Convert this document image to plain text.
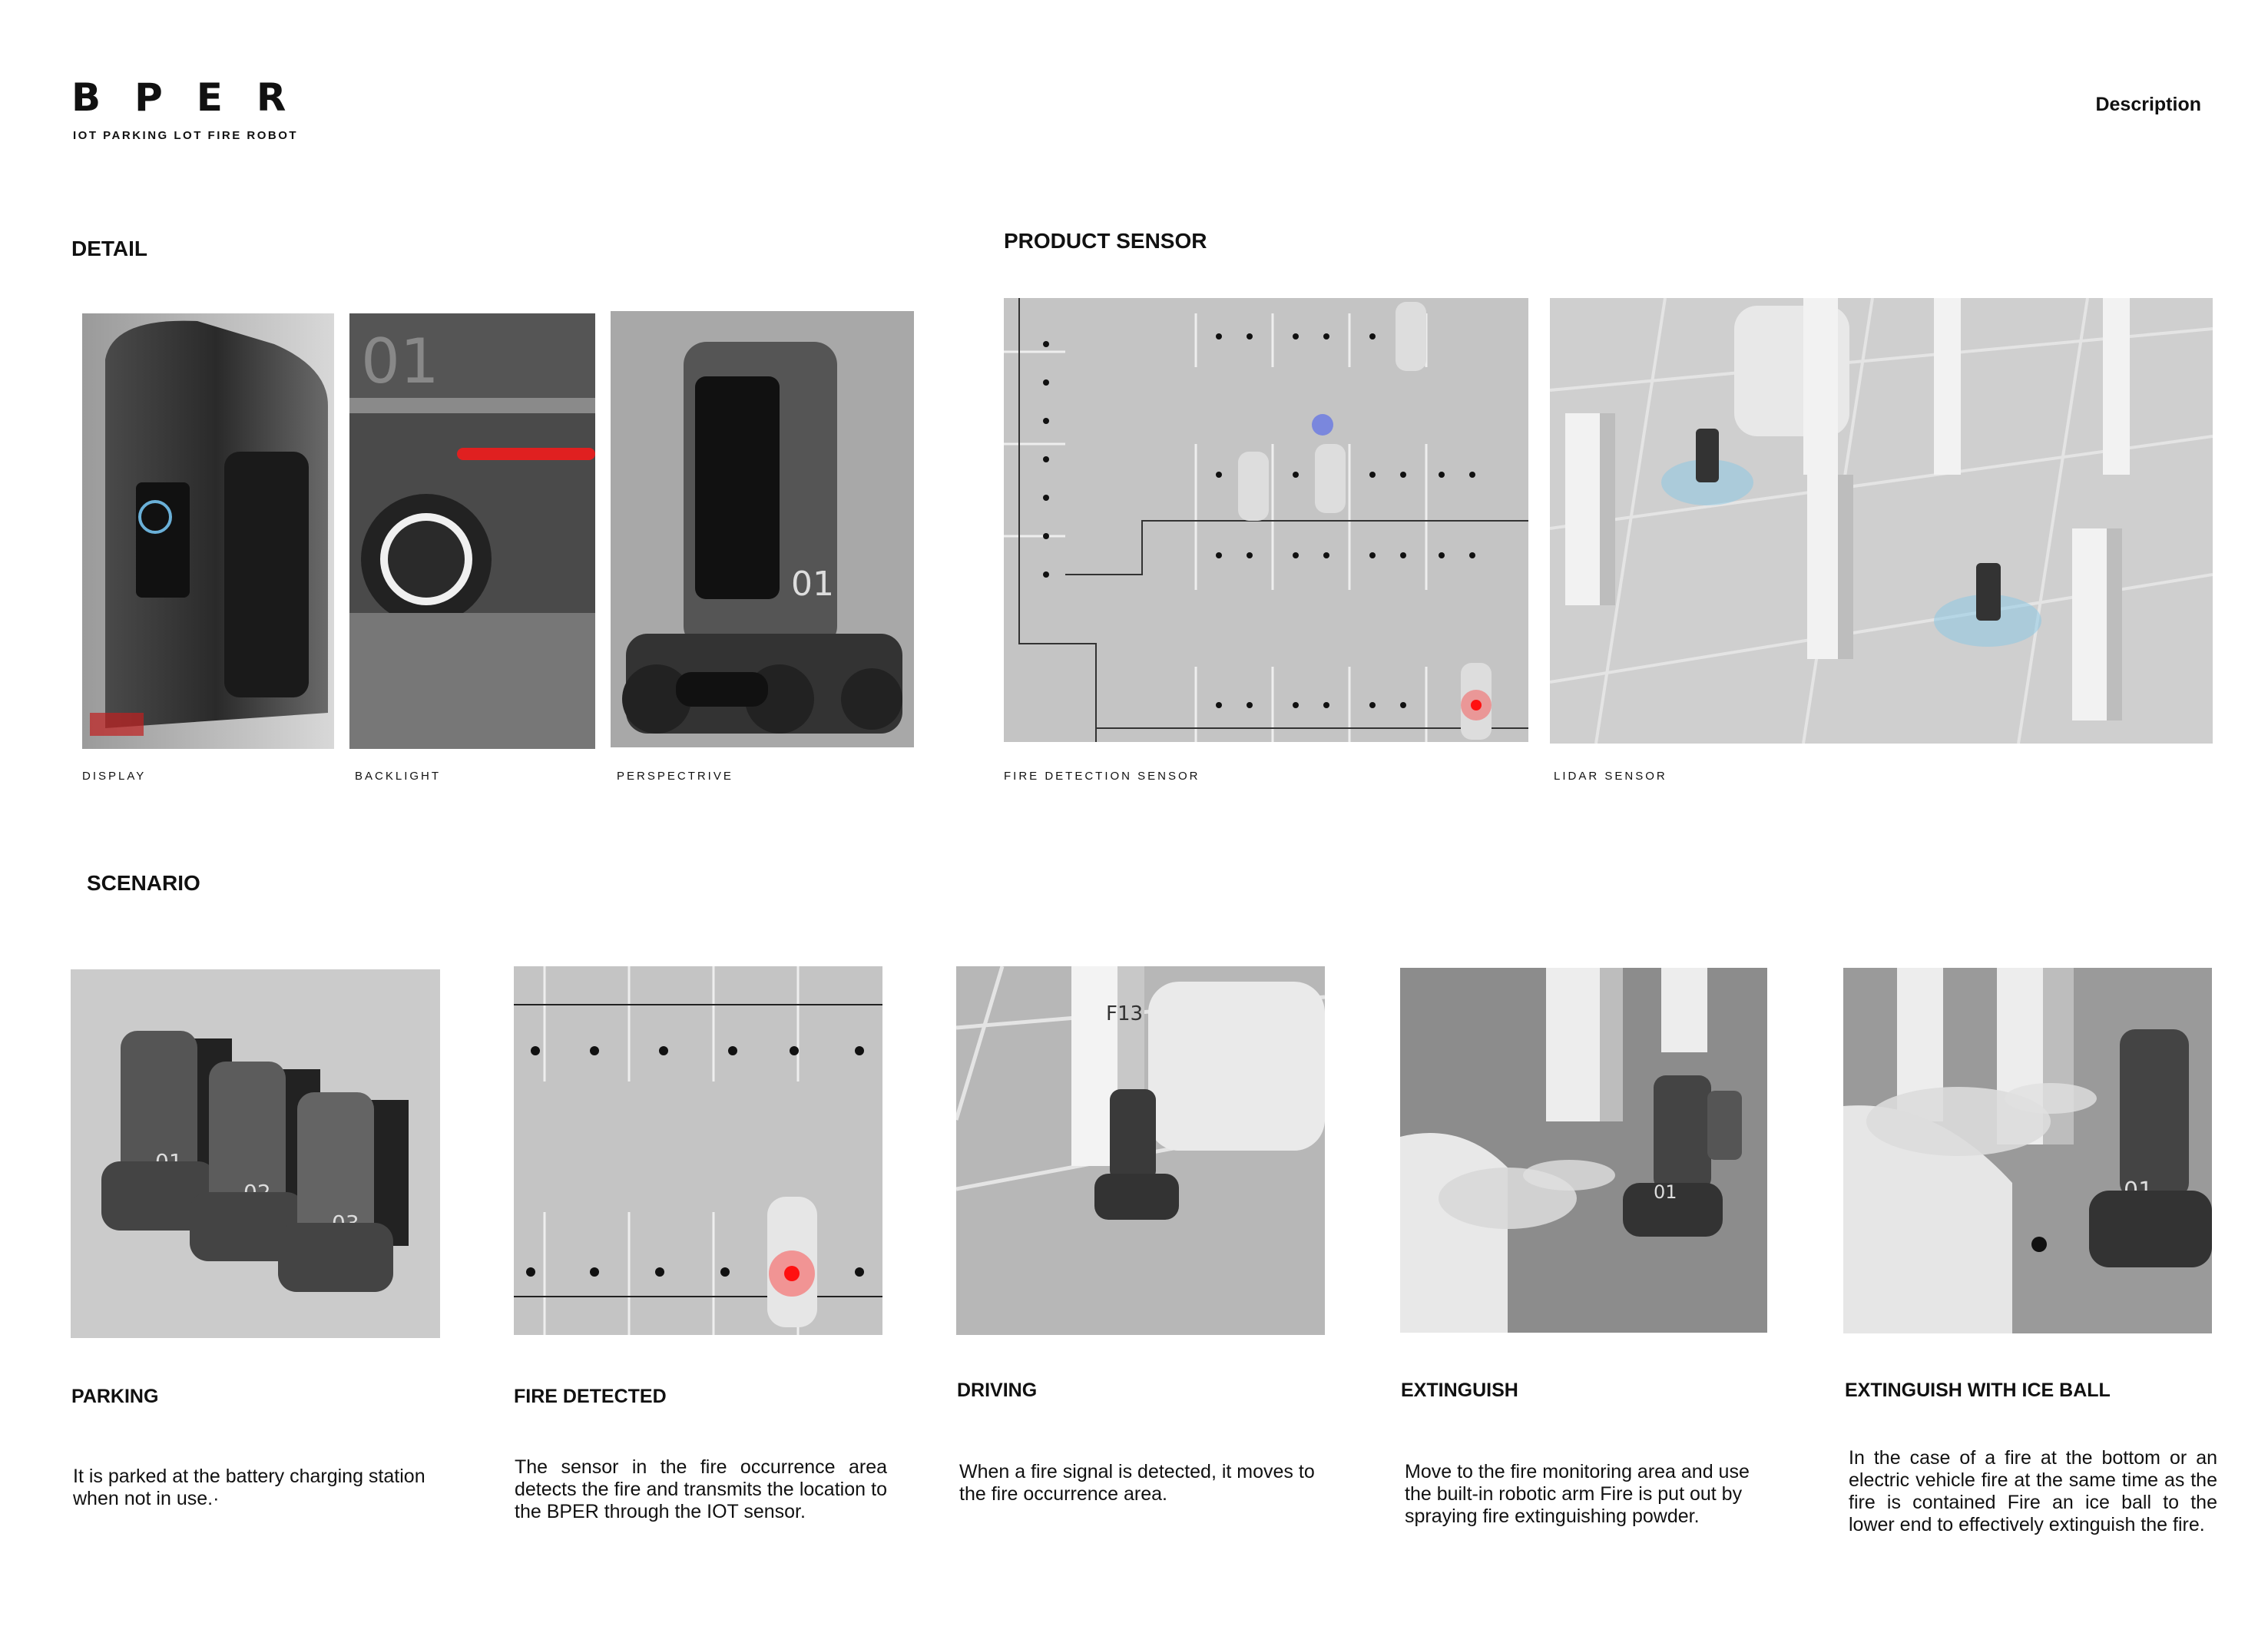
BPER
IOT PARKING LOT FIRE ROBOT
Description
DETAIL
01
01
DISPLAY	BACKLIGHT	PERSPECTRIVE
PRODUCT SENSOR
FIRE DETECTION SENSOR	LIDAR SENSOR
SCENARIO
F13
01
PARKING	FIRE DETECTED	DRIVING	EXTINGUISH	EXTINGUISH WITH ICE BALL
It is parked at the battery charging station when not in use.·
The sensor in the fire occurrence area detects the fire and transmits the location to the BPER through the IOT sensor.
When a fire signal is detected, it moves to the fire occurrence area.
Move to the fire monitoring area and use the built-in robotic arm Fire is put out by spraying fire extinguishing powder.
In the case of a fire at the bottom or an electric vehicle fire at the same time as the fire is contained Fire an ice ball to the lower end to effectively extinguish the fire.
